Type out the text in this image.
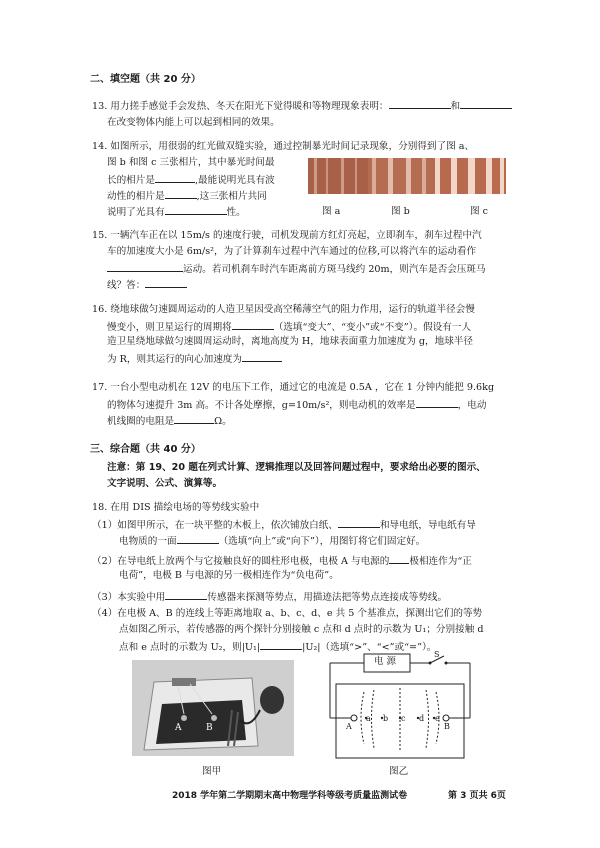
二、填空题（共 20 分）
13. 用力搓手感觉手会发热、冬天在阳光下觉得暖和等物理现象表明：	和
在改变物体内能上可以起到相同的效果。
14. 如图所示，用很弱的红光做双缝实验，通过控制暴光时间记录现象，分别得到了图 a、
图 b 和图 c 三张相片，其中暴光时间最
长的相片是	,最能说明光具有波
动性的相片是	,这三张相片共同
说明了光具有	性。	图 a	图 b	图 c
15. 一辆汽车正在以 15m/s 的速度行驶，司机发现前方红灯亮起，立即刹车，刹车过程中汽
车的加速度大小是 6m/s²，为了计算刹车过程中汽车通过的位移,可以将汽车的运动看作
运动。若司机刹车时汽车距离前方斑马线约 20m，则汽车是否会压斑马
线？答：
16. 绕地球做匀速圆周运动的人造卫星因受高空稀薄空气的阻力作用，运行的轨道半径会慢
慢变小，则卫星运行的周期将	（选填“变大”、“变小”或“不变”）。假设有一人
造卫星绕地球做匀速圆周运动时，离地高度为 H，地球表面重力加速度为 g，地球半径
为 R，则其运行的向心加速度为
17. 一台小型电动机在 12V 的电压下工作，通过它的电流是 0.5A ，它在 1 分钟内能把 9.6kg
的物体匀速提升 3m 高。不计各处摩擦，g=10m/s²，则电动机的效率是	，电动
机线圈的电阻是	Ω。
三、综合题（共 40 分）
注意：第 19、20 题在列式计算、逻辑推理以及回答问题过程中，要求给出必要的图示、
文字说明、公式、演算等。
18. 在用 DIS 描绘电场的等势线实验中
（1）如图甲所示，在一块平整的木板上，依次铺放白纸、	和导电纸，导电纸有导
电物质的一面	（选填“向上”或“向下”），用图钉将它们固定好。
（2）在导电纸上放两个与它接触良好的圆柱形电极，电极 A 与电源的 极相连作为“正
电荷”，电极 B 与电源的另一极相连作为“负电荷”。
（3）本实验中用	传感器来探测等势点，用描迹法把等势点连接成等势线。
（4）在电极 A、B 的连线上等距离地取 a、b、c、d、e 共 5 个基准点，探测出它们的等势
点如图乙所示，若传感器的两个探针分别接触 c 点和 d 点时的示数为 U₁；分别接触 d
点和 e 点时的示数为 U₂，则|U₁|	|U₂|（选填“>”、“<”或“=”）。
A	B
图甲
电 源
S
A
a b c d e
B
图乙
2018 学年第二学期期末高中物理学科等级考质量监测试卷	第 3 页共 6页
